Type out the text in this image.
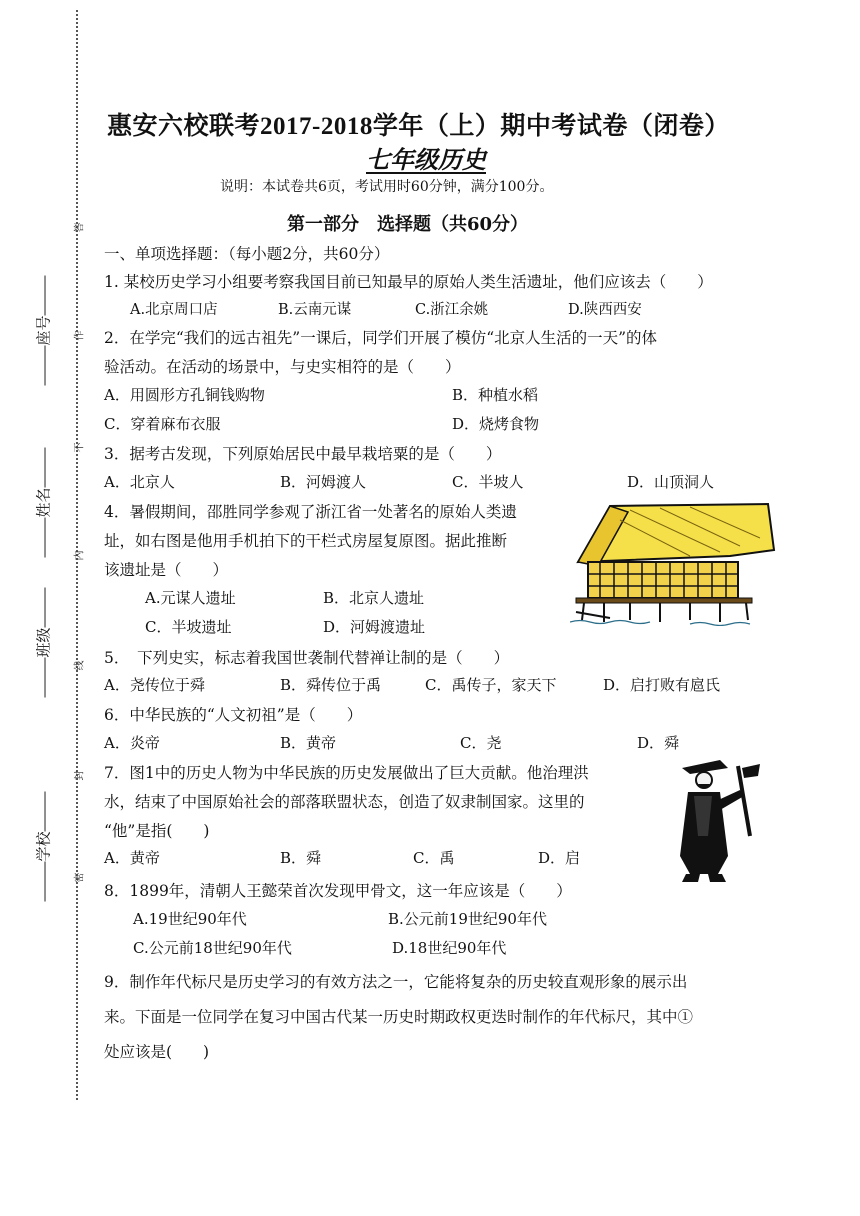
答
作
不
内
线
封
密
座号
姓名
班级
学校
惠安六校联考2017-2018学年（上）期中考试卷（闭卷）
七年级历史
说明：本试卷共6页，考试用时60分钟，满分100分。
第一部分　选择题（共60分）
一、单项选择题：（每小题2分，共60分）
1. 某校历史学习小组要考察我国目前已知最早的原始人类生活遗址，他们应该去（　　）
A.北京周口店	B.云南元谋	C.浙江余姚	D.陕西西安
2．在学完“我们的远古祖先”一课后，同学们开展了模仿“北京人生活的一天”的体
验活动。在活动的场景中，与史实相符的是（　　）
A．用圆形方孔铜钱购物	B．种植水稻
C．穿着麻布衣服	D．烧烤食物
3．据考古发现，下列原始居民中最早栽培粟的是（　　）
A．北京人	B．河姆渡人	C．半坡人	D．山顶洞人
4．暑假期间，邵胜同学参观了浙江省一处著名的原始人类遗
址，如右图是他用手机拍下的干栏式房屋复原图。据此推断
该遗址是（　　）
A.元谋人遗址	B．北京人遗址
C．半坡遗址	D．河姆渡遗址
5．　下列史实，标志着我国世袭制代替禅让制的是（　　）
A．尧传位于舜	B．舜传位于禹	C．禹传子，家天下	D．启打败有扈氏
6．中华民族的“人文初祖”是（　　）
A．炎帝	B．黄帝	C．尧	D．舜
7．图1中的历史人物为中华民族的历史发展做出了巨大贡献。他治理洪
水，结束了中国原始社会的部落联盟状态，创造了奴隶制国家。这里的
“他”是指(　　)
A．黄帝	B．舜	C．禹	D．启
8．1899年，清朝人王懿荣首次发现甲骨文，这一年应该是（　　）
A.19世纪90年代	B.公元前19世纪90年代
C.公元前18世纪90年代	D.18世纪90年代
9．制作年代标尺是历史学习的有效方法之一，它能将复杂的历史较直观形象的展示出
来。下面是一位同学在复习中国古代某一历史时期政权更迭时制作的年代标尺，其中①
处应该是(　　)
